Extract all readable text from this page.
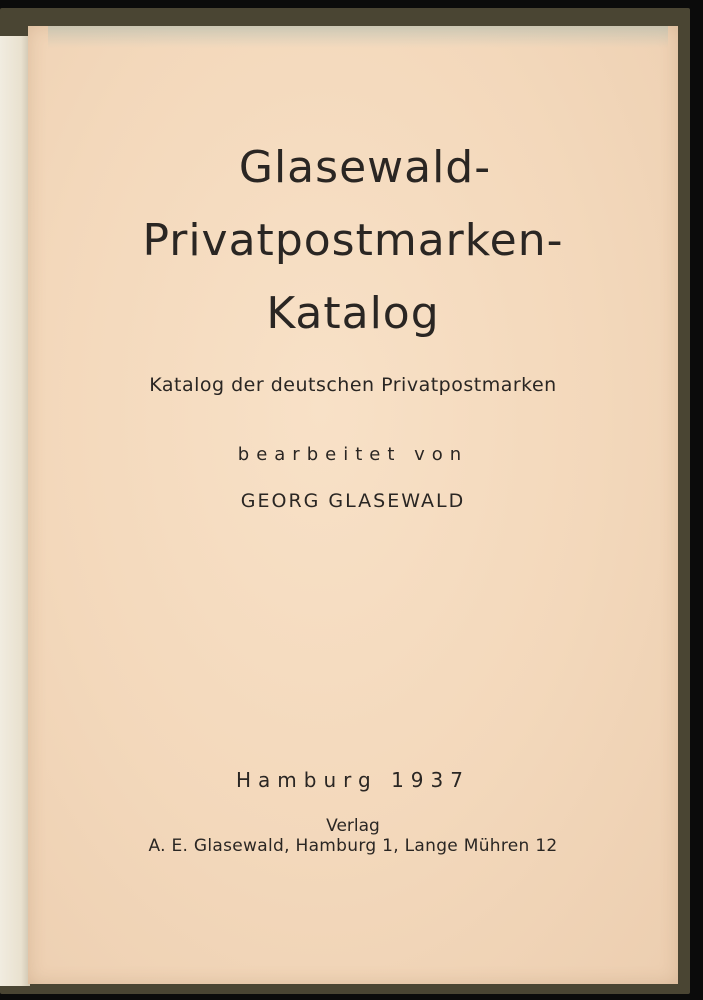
Glasewald-
Privatpostmarken-
Katalog
Katalog der deutschen Privatpostmarken
bearbeitet von
GEORG GLASEWALD
Hamburg 1937
Verlag
A. E. Glasewald, Hamburg 1, Lange Mühren 12
